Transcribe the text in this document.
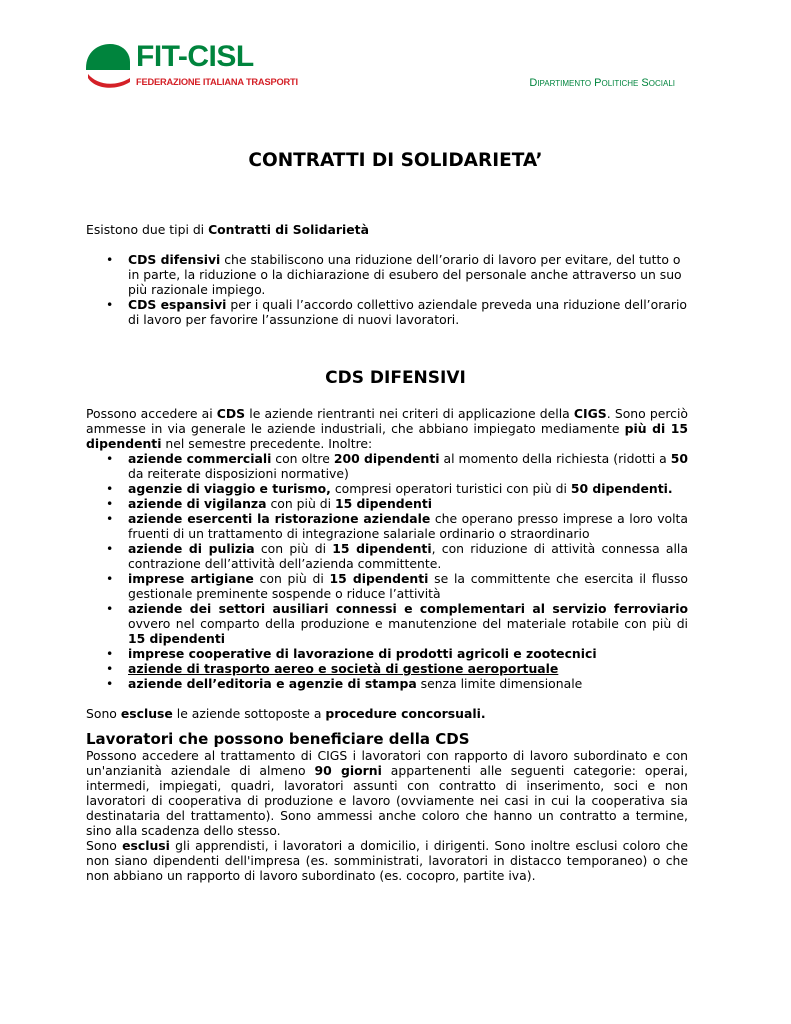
FIT-CISL
FEDERAZIONE ITALIANA TRASPORTI	Dipartimento Politiche Sociali
CONTRATTI DI SOLIDARIETA’

Esistono due tipi di Contratti di Solidarietà

• CDS difensivi che stabiliscono una riduzione dell’orario di lavoro per evitare, del tutto o in parte, la riduzione o la dichiarazione di esubero del personale anche attraverso un suo più razionale impiego.
• CDS espansivi per i quali l’accordo collettivo aziendale preveda una riduzione dell’orario di lavoro per favorire l’assunzione di nuovi lavoratori.
CDS DIFENSIVI

Possono accedere ai CDS le aziende rientranti nei criteri di applicazione della CIGS. Sono perciò ammesse in via generale le aziende industriali, che abbiano impiegato mediamente più di 15 dipendenti nel semestre precedente. Inoltre:

• aziende commerciali con oltre 200 dipendenti al momento della richiesta (ridotti a 50 da reiterate disposizioni normative)
• agenzie di viaggio e turismo, compresi operatori turistici con più di 50 dipendenti.
• aziende di vigilanza con più di 15 dipendenti
• aziende esercenti la ristorazione aziendale che operano presso imprese a loro volta fruenti di un trattamento di integrazione salariale ordinario o straordinario
• aziende di pulizia con più di 15 dipendenti, con riduzione di attività connessa alla contrazione dell’attività dell’azienda committente.
• imprese artigiane con più di 15 dipendenti se la committente che esercita il flusso gestionale preminente sospende o riduce l’attività
• aziende dei settori ausiliari connessi e complementari al servizio ferroviario ovvero nel comparto della produzione e manutenzione del materiale rotabile con più di 15 dipendenti
• imprese cooperative di lavorazione di prodotti agricoli e zootecnici
• aziende di trasporto aereo e società di gestione aeroportuale
• aziende dell’editoria e agenzie di stampa senza limite dimensionale

Sono escluse le aziende sottoposte a procedure concorsuali.

Lavoratori che possono beneficiare della CDS

Possono accedere al trattamento di CIGS i lavoratori con rapporto di lavoro subordinato e con un'anzianità aziendale di almeno 90 giorni appartenenti alle seguenti categorie: operai, intermedi, impiegati, quadri, lavoratori assunti con contratto di inserimento, soci e non lavoratori di cooperativa di produzione e lavoro (ovviamente nei casi in cui la cooperativa sia destinataria del trattamento). Sono ammessi anche coloro che hanno un contratto a termine, sino alla scadenza dello stesso.

Sono esclusi gli apprendisti, i lavoratori a domicilio, i dirigenti. Sono inoltre esclusi coloro che non siano dipendenti dell'impresa (es. somministrati, lavoratori in distacco temporaneo) o che non abbiano un rapporto di lavoro subordinato (es. cocopro, partite iva).
